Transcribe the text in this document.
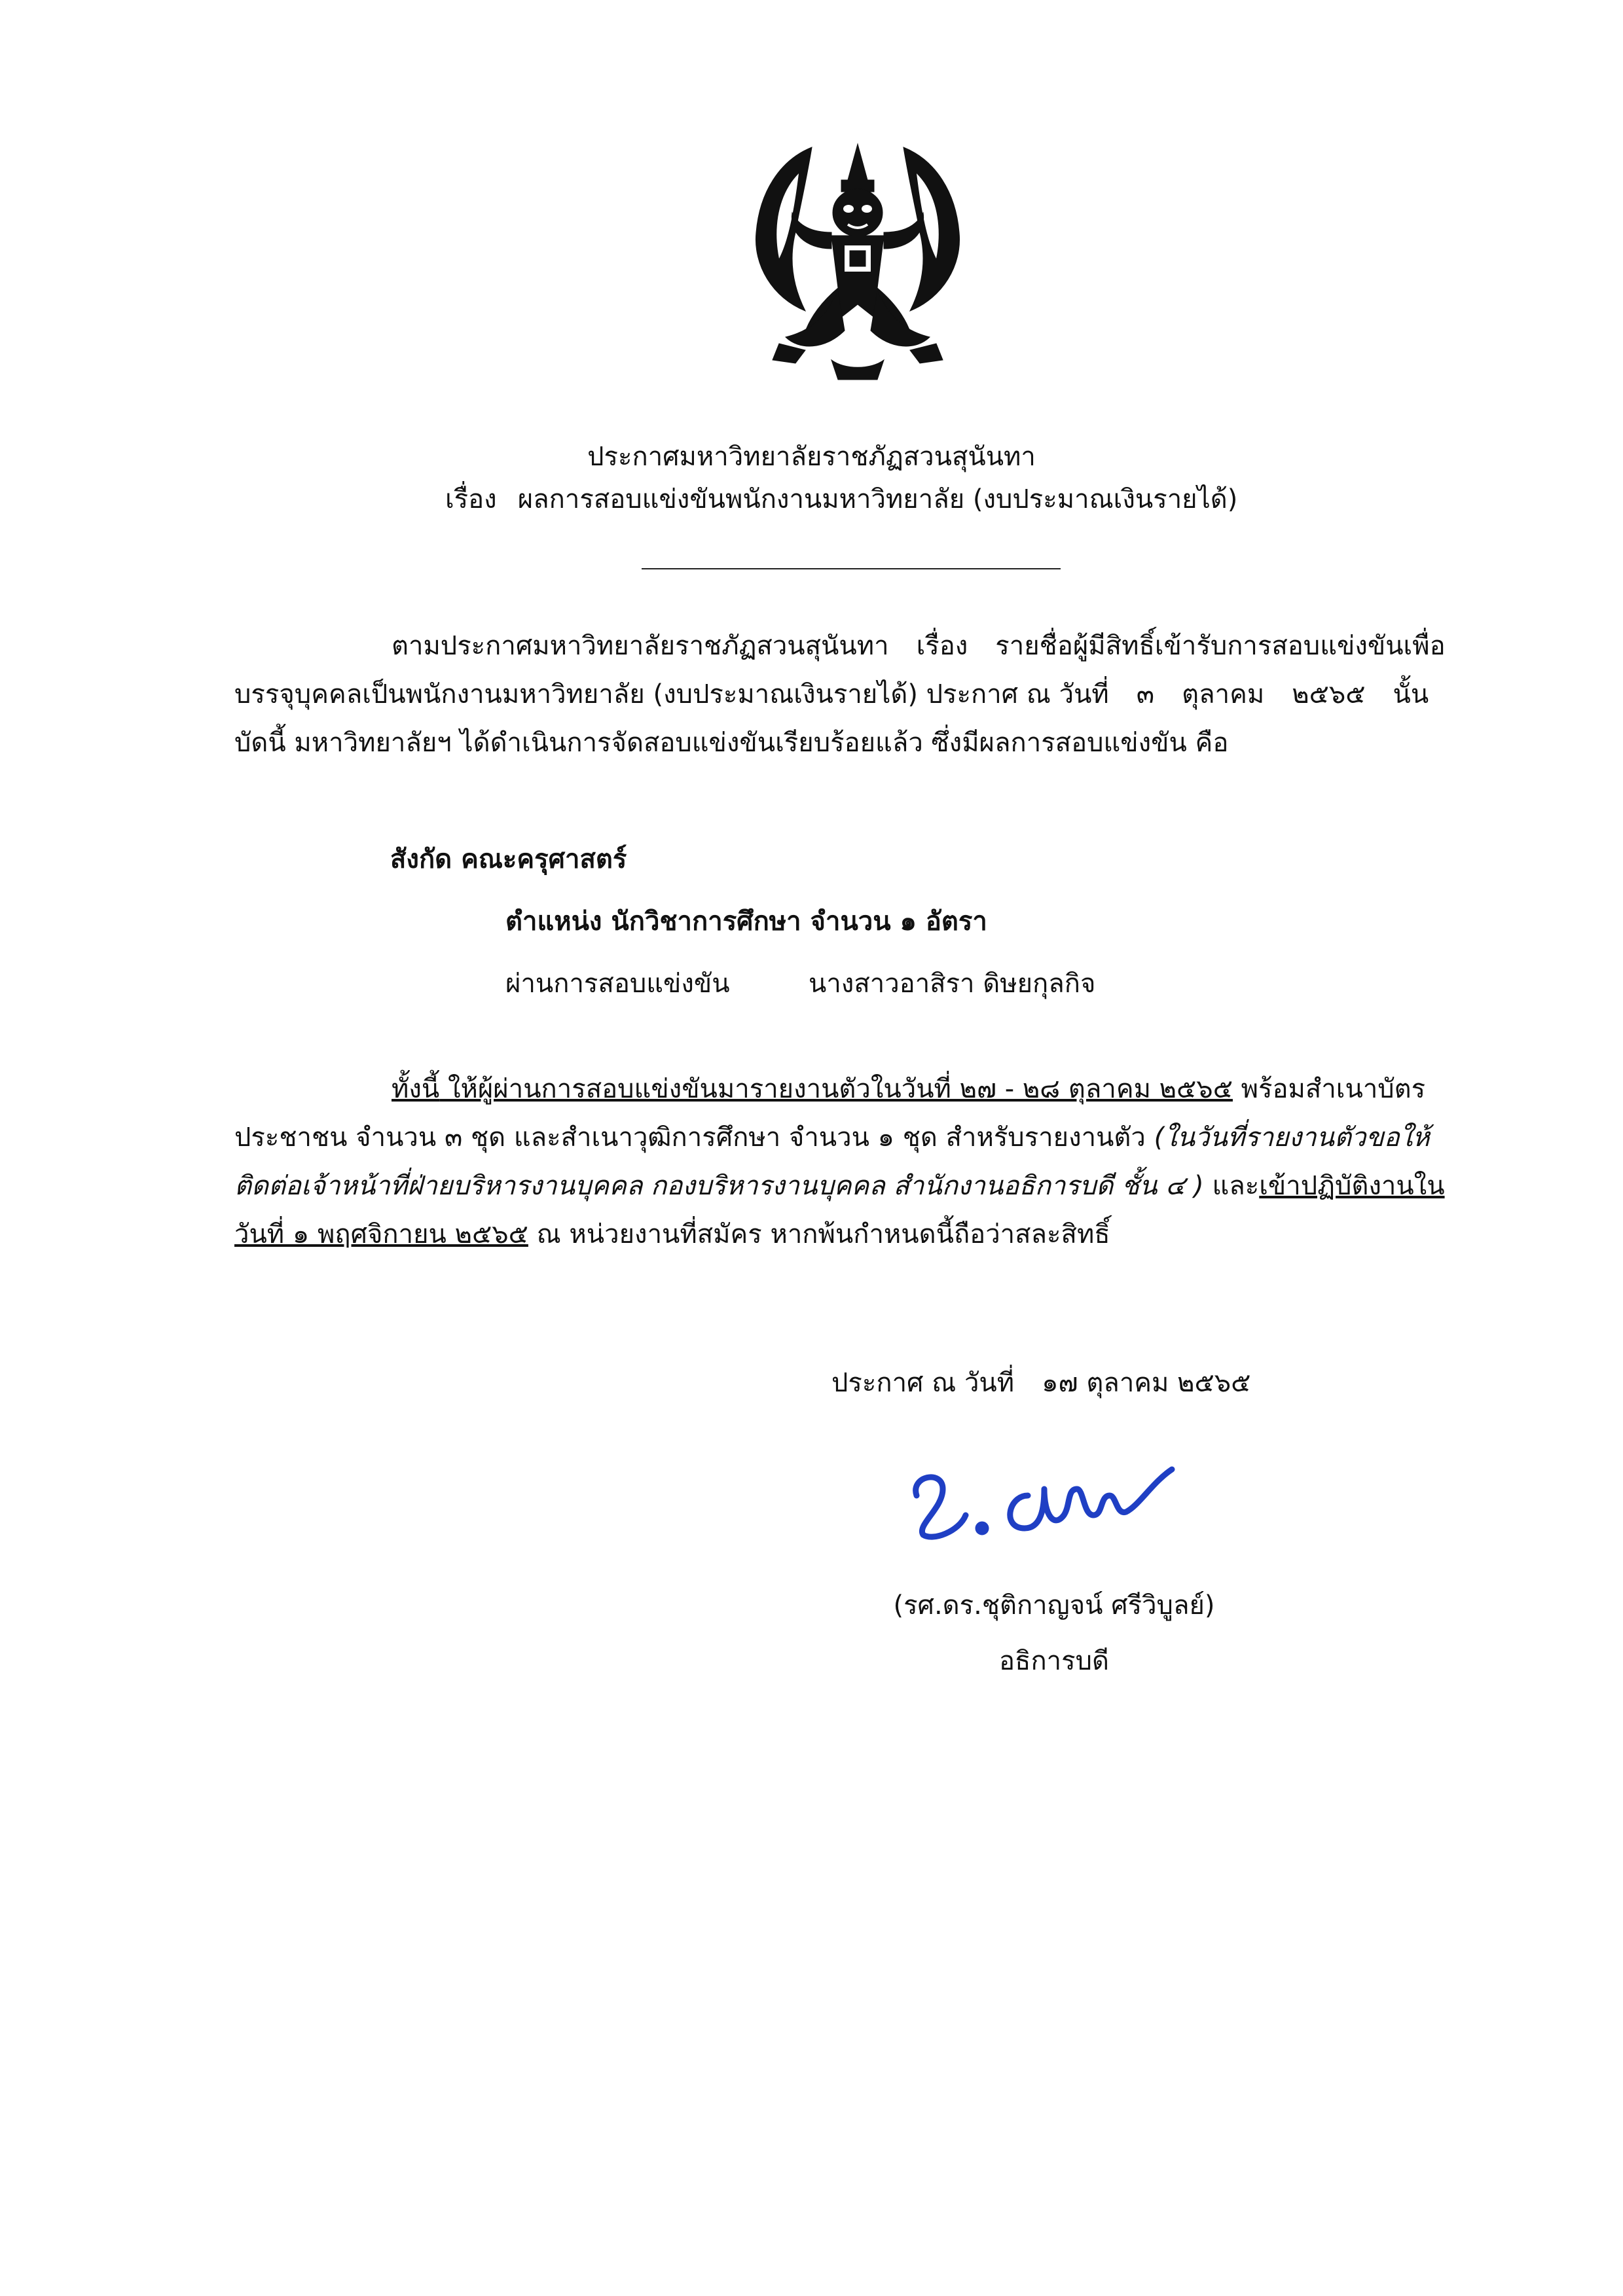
ประกาศมหาวิทยาลัยราชภัฏสวนสุนันทา
เรื่อง ผลการสอบแข่งขันพนักงานมหาวิทยาลัย (งบประมาณเงินรายได้)
ตามประกาศมหาวิทยาลัยราชภัฏสวนสุนันทา เรื่อง รายชื่อผู้มีสิทธิ์เข้ารับการสอบแข่งขันเพื่อ
บรรจุบุคคลเป็นพนักงานมหาวิทยาลัย (งบประมาณเงินรายได้) ประกาศ ณ วันที่ ๓ ตุลาคม ๒๕๖๕ นั้น
บัดนี้ มหาวิทยาลัยฯ ได้ดำเนินการจัดสอบแข่งขันเรียบร้อยแล้ว ซึ่งมีผลการสอบแข่งขัน คือ
สังกัด คณะครุศาสตร์
ตำแหน่ง นักวิชาการศึกษา จำนวน ๑ อัตรา
ผ่านการสอบแข่งขัน	นางสาวอาสิรา ดิษยกุลกิจ
ทั้งนี้ ให้ผู้ผ่านการสอบแข่งขันมารายงานตัวในวันที่ ๒๗ - ๒๘ ตุลาคม ๒๕๖๕ พร้อมสำเนาบัตร
ประชาชน จำนวน ๓ ชุด และสำเนาวุฒิการศึกษา จำนวน ๑ ชุด สำหรับรายงานตัว (ในวันที่รายงานตัวขอให้
ติดต่อเจ้าหน้าที่ฝ่ายบริหารงานบุคคล กองบริหารงานบุคคล สำนักงานอธิการบดี ชั้น ๔ ) และเข้าปฏิบัติงานใน
วันที่ ๑ พฤศจิกายน ๒๕๖๕ ณ หน่วยงานที่สมัคร หากพ้นกำหนดนี้ถือว่าสละสิทธิ์
ประกาศ ณ วันที่ ๑๗ ตุลาคม ๒๕๖๕
(รศ.ดร.ชุติกาญจน์ ศรีวิบูลย์)
อธิการบดี
